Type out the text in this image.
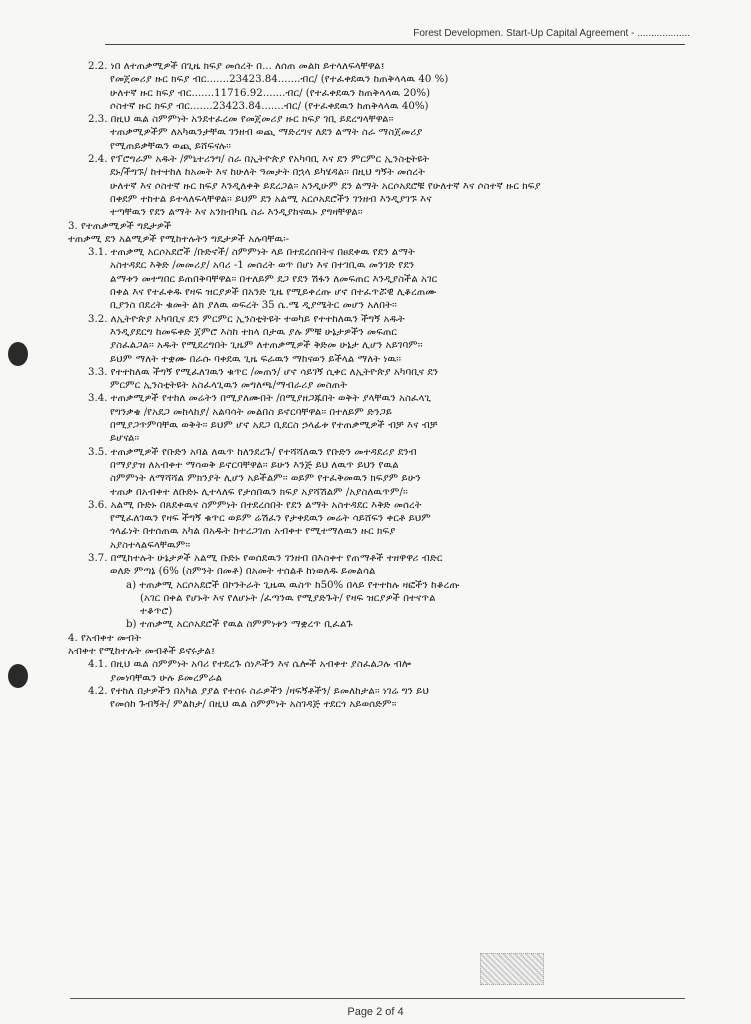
Forest Developmen. Start-Up Capital Agreement - ...................
2.2. ነበ ለተጠቃሚዎች በጊዜ ክፍያ መሰረት በ... ለሰጠ መልክ ይተላለፍላቸዋል፤
የመጀመሪያ ዙር ክፍያ ብር.......23423.84.......ብር/ (የተፈቀደዉን ከጠቅላላዉ 40 %)
ሁለተኛ ዙር ክፍያ ብር.......11716.92.......ብር/ (የተፈቀደዉን ከጠቅላላዉ 20%)
ሶስተኛ ዙር ክፍያ ብር.......23423.84.......ብር/ (የተፈቀደዉን ከጠቅላላዉ 40%)
2.3. በዚህ ዉል ስምምነት አንደተፈረመ የመጀመሪያ ዙር ክፍያ ገቢ ይደረግላቸዋል፡፡
ተጠቃሚዎችም ለአካዉንታቸዉ ገንዘብ ወጪ ማድረግና ለደን ልማት ስራ ማስጀመሪያ
የሚጠይቃቸዉን ወጪ ይሸፍናሉ፡፡
2.4. የፕሮግራም አዱት /ምኒተሪንግ/ ስራ በኢትዮጵያ የአካባቢ እና ደን ምርምር ኢንስቲትዩት
ደኑ/ችግኙ/ ከተተከለ ከአመት እና ከሁለት ዓመታት በኋላ ይካሄዳል፡፡ በዚህ ግኝት መሰረት
ሁለተኛ እና ሶስተኛ ዙር ክፍያ እንዲለቀቅ ይደረጋል፡፡ አንዲሁም ደን ልማት አርሶአደሮቹ የሁለተኛ እና ሶስተኛ ዙር ክፍያ
በቀደም ተከተል ይተላለፍላቸዋል፡፡ ይህም ደን አልሚ አርሶአደሮችን ገንዘብ እንዲያገኙ እና
ተጣቸዉን የደን ልማት እና አንክብካቤ ስራ እንዲያከናዉኑ ያግዛቸዋል፡፡
3. የተጠቃሚዎች ግዴታዎች
ተጠቃሚ ደን አልሚዎች የሚከተሉትን ግዴታዎች አሉባቸዉ፡-
3.1. ተጠቃሚ አርሶአደሮች /ቡድኖች/ ስምምነት ላይ በተደረሰበትና በፀደቀዉ የደን ልማት
አስተዳደር እቅድ /መመሪያ/ አባሪ -1 መሰረት ወጥ በሆነ እና በተገቢዉ መንገድ የደን
ልማቱን መተግበር ይጠበቅባቸዋል፡፡ በተለይም ደጋ የደን ሽፋን ለመፍጠር እንዲያስችል አገር
በቀል እና የተፈቀዱ የዛፍ ዝርያዎች በአንድ ጊዜ የሚይቀረጡ ሆኖ በተፈጥሯዊ ሊቆረጠሙ
ቢያንስ በደረት ቁመት ልክ ያለዉ ወፍረት 35 ሴ.ሜ ዲያሜትር መሆን አለበት፡፡
3.2. ለኢትዮጵያ አካባቢና ደን ምርምር ኢንስቲትዩት ተወካይ የተተከለዉን ችግኝ አዱት
እንዲያደርግ ከመፍቀድ ጀምሮ እስከ ተክላ በታዉ ያሉ ምቹ ሁኔታዎችን መፍጠር
ያስፈልጋል፡፡ አዱት የሚደረግበት ጊዜም ለተጠቃሚዎች ቅድመ ሁኔታ ሊሆን አይገባም፡፡
ይህም ማለት ተቋሙ በራሱ ባቀደዉ ጊዜ ፍራዉን ማከናወን ይችላል ማለት ነዉ፡፡
3.3. የተተከለዉ ችግኝ የሚፈለገዉን ቁጥር /መጠን/ ሆኖ ሳይገኝ ሲቀር ለኢትዮጵያ አካባቢና ደን
ምርምር ኢንስቲትዩት አስፈላጊዉን መግለጫ/ማብራሪያ መስጠት
3.4. ተጠቃሚዎች የተከለ መሬትን በሚያለሙበት /በሚያዘጋጁበት ወቅት ያላቸዉን አስፈላጊ
የግንቃቄ /የአደጋ መከላከያ/ አልባሳት መልበስ ይኖርባቸዋል፡፡ በተለይም ድንጋይ
በሚያጋጥምባቸዉ ወቅት፡፡ ይህም ሆኖ አደጋ ቢደርስ ኃላፊቱ የተጠቃሚዎች ብቻ እና ብቻ
ይሆናል፡፡
3.5. ተጠቃሚዎች የቡድን አባል ለዉጥ ከለንደረጉ/ የተሻሻለዉን የቡድን መተዳደሪያ ደንብ
በማያያዝ ለአብቀተ ማሳወቅ ይኖርባቸዋል፡፡ ይሁን እንጅ ይህ ለዉጥ ይህን የዉል
ስምምነት ለማሻሻል ምክንያት ሊሆን አይችልም፡፡ ወይም የተፈቅመዉን ክፍያም ይሁን
ተጠቃ በአብቀተ ለቡድኑ ሊተላለፍ የታሰበዉን ክፍያ አያሻሽልም /አያስለዉጥም/፡፡
3.6. አልሚ ቡድኑ በጸደቀዉና ስምምነት በተደረሰበት የደን ልማት አስተዳደር እቅድ መሰረት
የሚፈለገዉን የዛፍ ችግኝ ቁጥር ወይም ሬሽፈን የታቀደዉን መሬት ሳይሸፍን ቀርቶ ይህም
ጎላፊነት በተሰጠዉ አካል በአዱት ከተረጋገጠ አብቀተ የሚተማለዉን ዙር ክፍያ
አያስተላልፍላቸዉም፡፡
3.7. በሚከተሉት ሁኔታዎች አልሚ ቡድኑ የወሰደዉን ገንዘብ በእስቀተ የጠማቶች ተዘዋዋሪ ብድር
ወለድ ምጣኔ (6% (ስምንት በመቶ) በአመት ተሰልቶ ከነወለዱ ይመልሳል
a) ተጠቃሚ አርሶአደሮች በኮንትራት ጊዜዉ ዉስጥ ከ50% በላይ የተተከሉ ዛፎችን ከቆረጡ
(አገር በቀል የሆኑት እና የለሆኑት /ፈጣንዉ የሚያድጉት/ የዛፍ ዝርያዎች በተናጥል
ተቆጥሮ)
b) ተጠቃሚ አርሶአደሮች የዉል ስምምነቱን ማቋረጥ ቢፈልጉ
4. የአብቀተ መብት
አብቀተ የሚከተሉት መብቶች ይኖሩታል፤
4.1. በዚህ ዉል ስምምነት አባሪ የተደረጉ ሰነዶችን እና ሴሎች አብቀተ ያስፈልጋሉ ብሎ
ያመነባቸዉን ሁሉ ይመረምራል
4.2. የተከለ በታዎችን በአካል ያያል የተሰሩ ስራዎችን /ዛፍኝቶችን/ ይመለከታል፡፡ ነገሬ ግን ይህ
የመሰከ ጉብኝት/ ምልከታ/ በዚህ ዉል ስምምነት አስገዳጅ ተደርጎ አይወሰድም፡፡
Page 2 of 4
